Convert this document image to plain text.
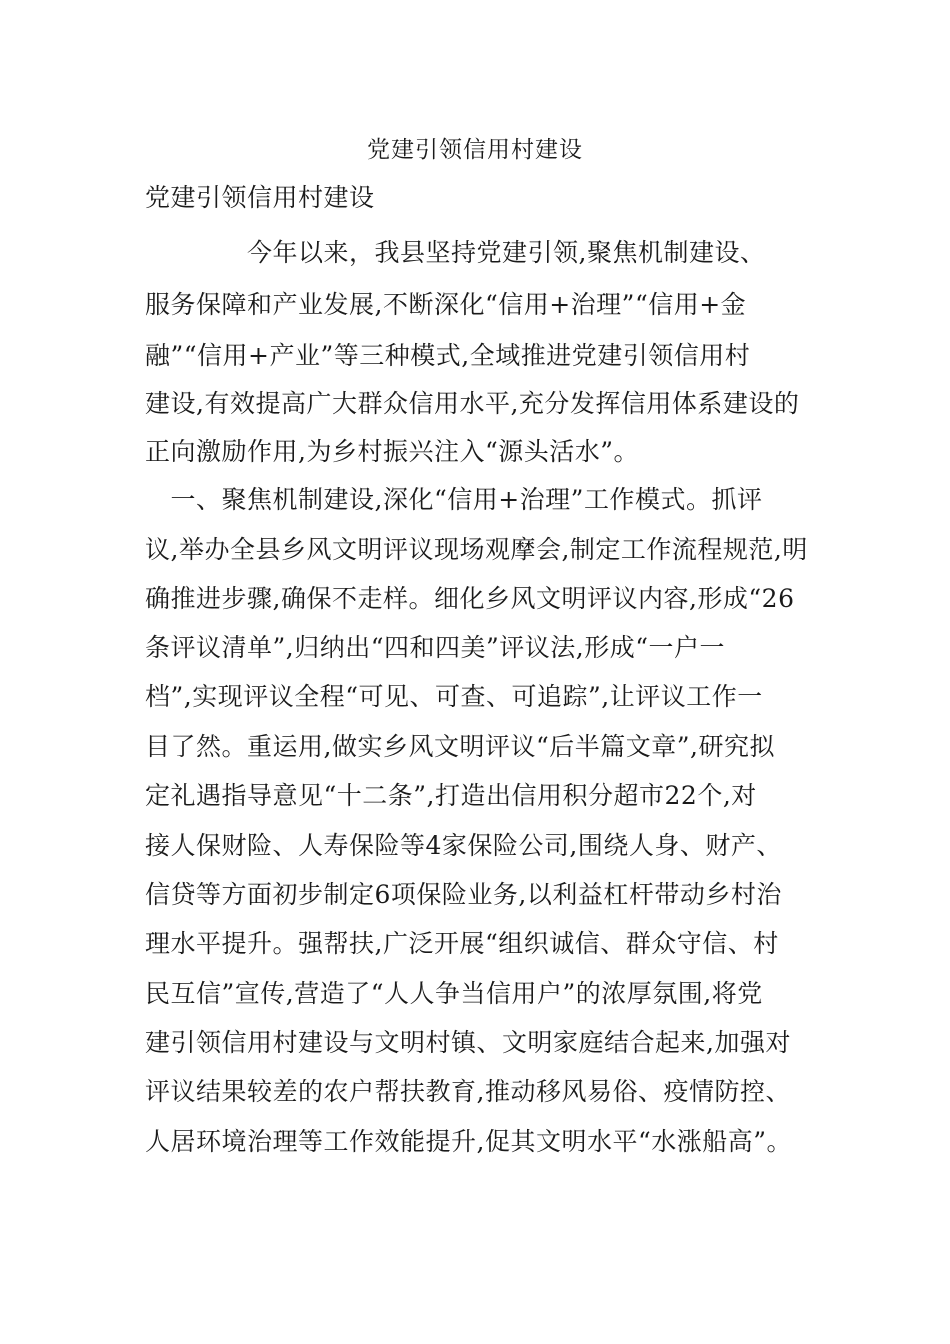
党建引领信用村建设
党建引领信用村建设
　　　　今年以来，我县坚持党建引领,聚焦机制建设、
服务保障和产业发展,不断深化“信用+治理”“信用+金
融”“信用+产业”等三种模式,全域推进党建引领信用村
建设,有效提高广大群众信用水平,充分发挥信用体系建设的
正向激励作用,为乡村振兴注入“源头活水”。
　一、聚焦机制建设,深化“信用+治理”工作模式。抓评
议,举办全县乡风文明评议现场观摩会,制定工作流程规范,明
确推进步骤,确保不走样。细化乡风文明评议内容,形成“26
条评议清单”,归纳出“四和四美”评议法,形成“一户一
档”,实现评议全程“可见、可查、可追踪”,让评议工作一
目了然。重运用,做实乡风文明评议“后半篇文章”,研究拟
定礼遇指导意见“十二条”,打造出信用积分超市22个,对
接人保财险、人寿保险等4家保险公司,围绕人身、财产、
信贷等方面初步制定6项保险业务,以利益杠杆带动乡村治
理水平提升。强帮扶,广泛开展“组织诚信、群众守信、村
民互信”宣传,营造了“人人争当信用户”的浓厚氛围,将党
建引领信用村建设与文明村镇、文明家庭结合起来,加强对
评议结果较差的农户帮扶教育,推动移风易俗、疫情防控、
人居环境治理等工作效能提升,促其文明水平“水涨船高”。
